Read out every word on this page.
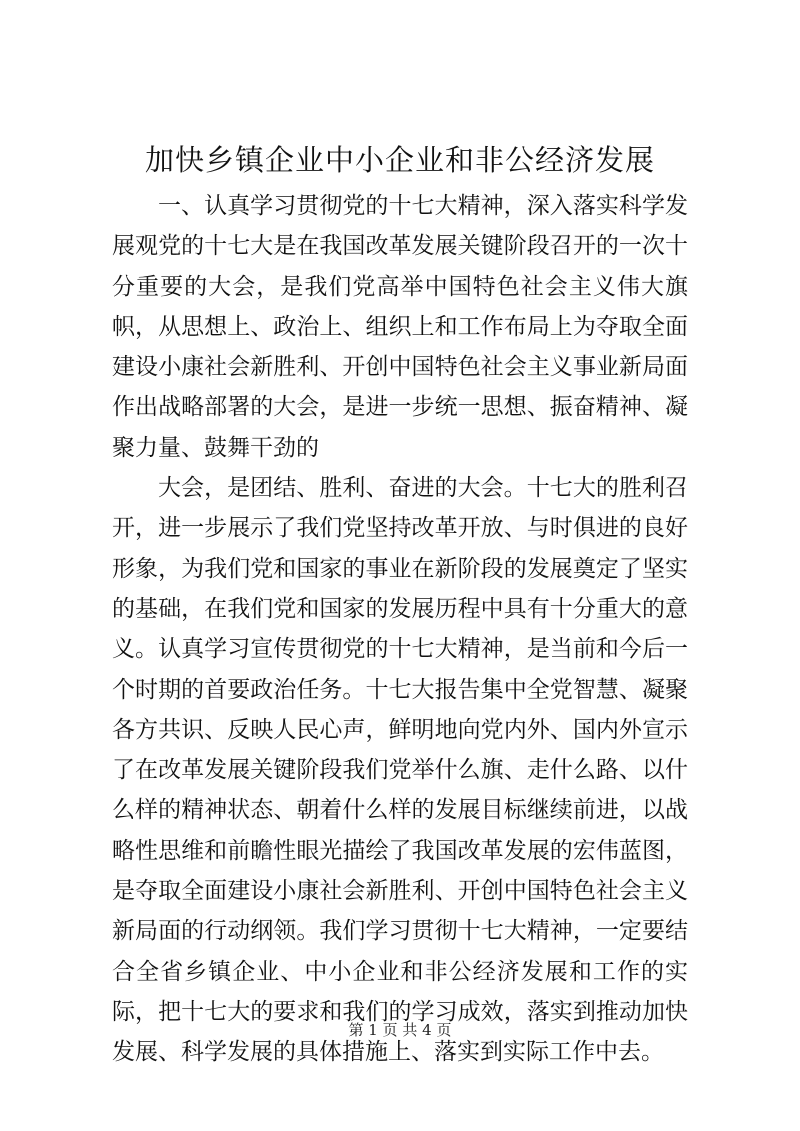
加快乡镇企业中小企业和非公经济发展

一、认真学习贯彻党的十七大精神，深入落实科学发展观党的十七大是在我国改革发展关键阶段召开的一次十分重要的大会，是我们党高举中国特色社会主义伟大旗帜，从思想上、政治上、组织上和工作布局上为夺取全面建设小康社会新胜利、开创中国特色社会主义事业新局面作出战略部署的大会，是进一步统一思想、振奋精神、凝聚力量、鼓舞干劲的

大会，是团结、胜利、奋进的大会。十七大的胜利召开，进一步展示了我们党坚持改革开放、与时俱进的良好形象，为我们党和国家的事业在新阶段的发展奠定了坚实的基础，在我们党和国家的发展历程中具有十分重大的意义。认真学习宣传贯彻党的十七大精神，是当前和今后一个时期的首要政治任务。十七大报告集中全党智慧、凝聚各方共识、反映人民心声，鲜明地向党内外、国内外宣示了在改革发展关键阶段我们党举什么旗、走什么路、以什么样的精神状态、朝着什么样的发展目标继续前进，以战略性思维和前瞻性眼光描绘了我国改革发展的宏伟蓝图，是夺取全面建设小康社会新胜利、开创中国特色社会主义新局面的行动纲领。我们学习贯彻十七大精神，一定要结合全省乡镇企业、中小企业和非公经济发展和工作的实际，把十七大的要求和我们的学习成效，落实到推动加快发展、科学发展的具体措施上、落实到实际工作中去。

第 1 页 共 4 页
